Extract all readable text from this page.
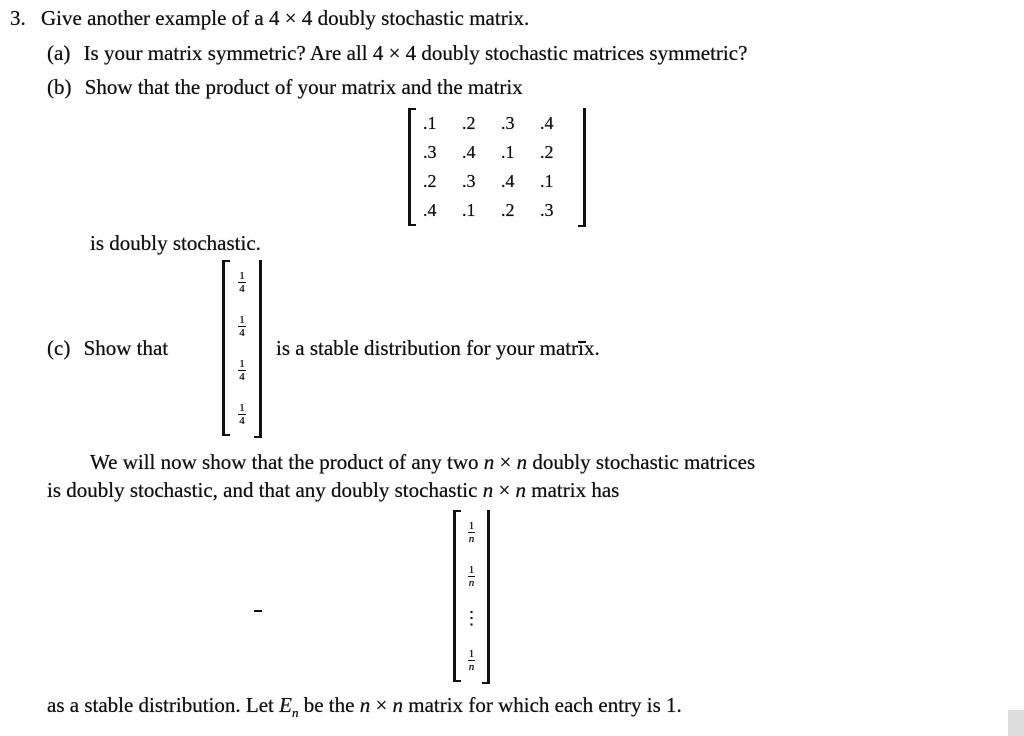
3. Give another example of a 4 × 4 doubly stochastic matrix.
(a) Is your matrix symmetric? Are all 4 × 4 doubly stochastic matrices symmetric?
(b) Show that the product of your matrix and the matrix
.1	.2	.3	.4
.3	.4	.1	.2
.2	.3	.4	.1
.4	.1	.2	.3
is doubly stochastic.
(c) Show that
$\frac{1}{4}$
$\frac{1}{4}$
$\frac{1}{4}$
$\frac{1}{4}$
is a stable distribution for your matrix.
We will now show that the product of any two n × n doubly stochastic matrices
is doubly stochastic, and that any doubly stochastic n × n matrix has
$\frac{1}{n}$
$\frac{1}{n}$
⋮
$\frac{1}{n}$
as a stable distribution. Let $E_n$ be the n × n matrix for which each entry is 1.
